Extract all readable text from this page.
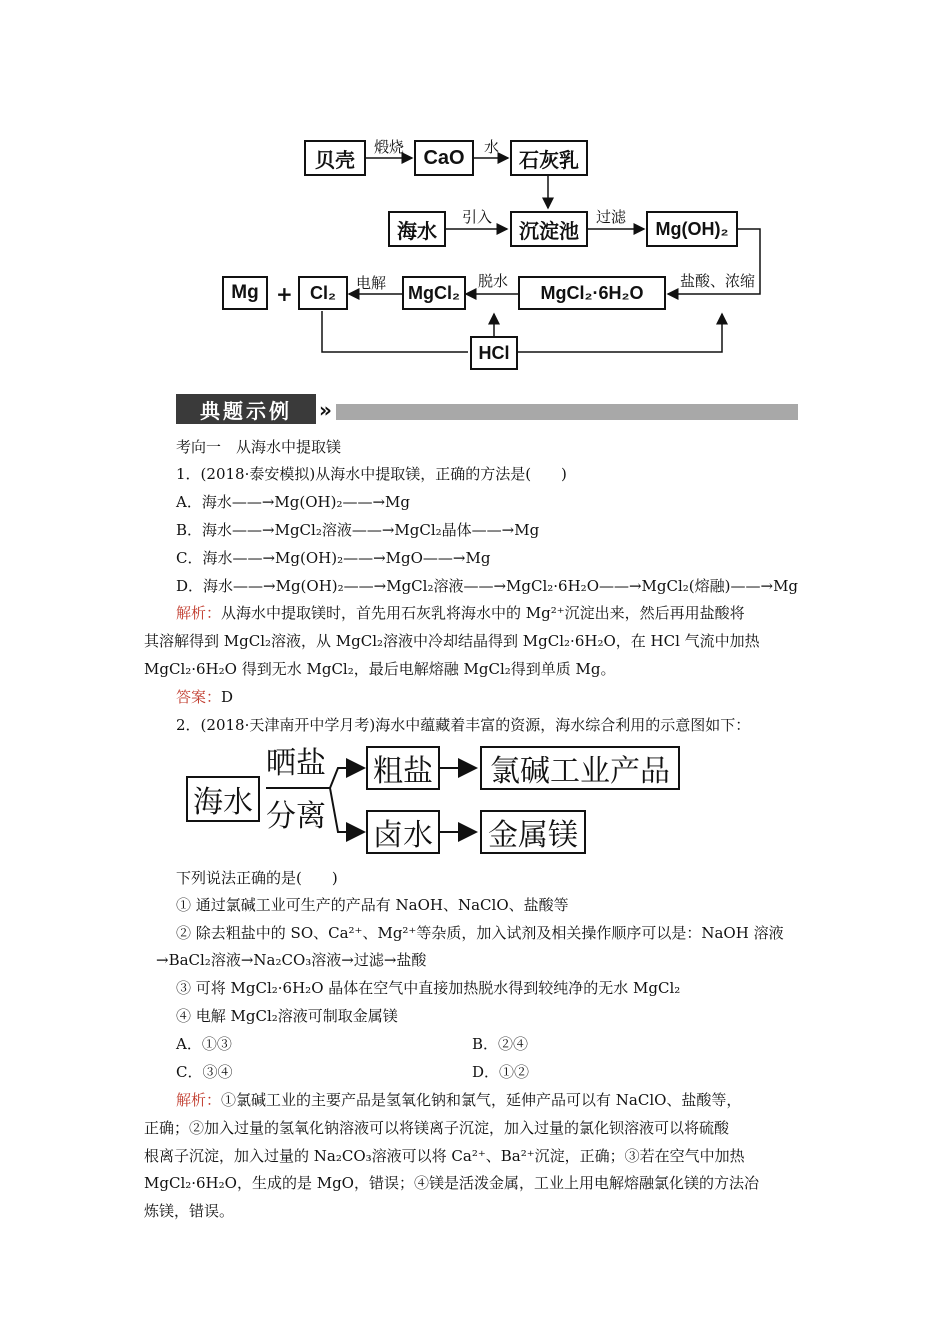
贝壳	CaO	石灰乳
海水	沉淀池	Mg(OH)₂
Mg + Cl₂	MgCl₂	MgCl₂·6H₂O
HCl
煅烧	水
引入	过滤
盐酸、浓缩
脱水
电解
典题示例	»
考向一　从海水中提取镁
1．(2018·泰安模拟)从海水中提取镁，正确的方法是(　　)
A．海水——→Mg(OH)₂——→Mg
B．海水——→MgCl₂溶液——→MgCl₂晶体——→Mg
C．海水——→Mg(OH)₂——→MgO——→Mg
D．海水——→Mg(OH)₂——→MgCl₂溶液——→MgCl₂·6H₂O——→MgCl₂(熔融)——→Mg
解析：从海水中提取镁时，首先用石灰乳将海水中的 Mg²⁺沉淀出来，然后再用盐酸将
其溶解得到 MgCl₂溶液，从 MgCl₂溶液中冷却结晶得到 MgCl₂·6H₂O，在 HCl 气流中加热
MgCl₂·6H₂O 得到无水 MgCl₂，最后电解熔融 MgCl₂得到单质 Mg。
答案：D
2．(2018·天津南开中学月考)海水中蕴藏着丰富的资源，海水综合利用的示意图如下：
海水
晒盐
分离
粗盐	氯碱工业产品
卤水 金属镁
下列说法正确的是(　　)
① 通过氯碱工业可生产的产品有 NaOH、NaClO、盐酸等
② 除去粗盐中的 SO、Ca²⁺、Mg²⁺等杂质，加入试剂及相关操作顺序可以是：NaOH 溶液
→BaCl₂溶液→Na₂CO₃溶液→过滤→盐酸
③ 可将 MgCl₂·6H₂O 晶体在空气中直接加热脱水得到较纯净的无水 MgCl₂
④ 电解 MgCl₂溶液可制取金属镁
A．①③	B．②④
C．③④	D．①②
解析：①氯碱工业的主要产品是氢氧化钠和氯气，延伸产品可以有 NaClO、盐酸等，
正确；②加入过量的氢氧化钠溶液可以将镁离子沉淀，加入过量的氯化钡溶液可以将硫酸
根离子沉淀，加入过量的 Na₂CO₃溶液可以将 Ca²⁺、Ba²⁺沉淀，正确；③若在空气中加热
MgCl₂·6H₂O，生成的是 MgO，错误；④镁是活泼金属，工业上用电解熔融氯化镁的方法冶
炼镁，错误。
